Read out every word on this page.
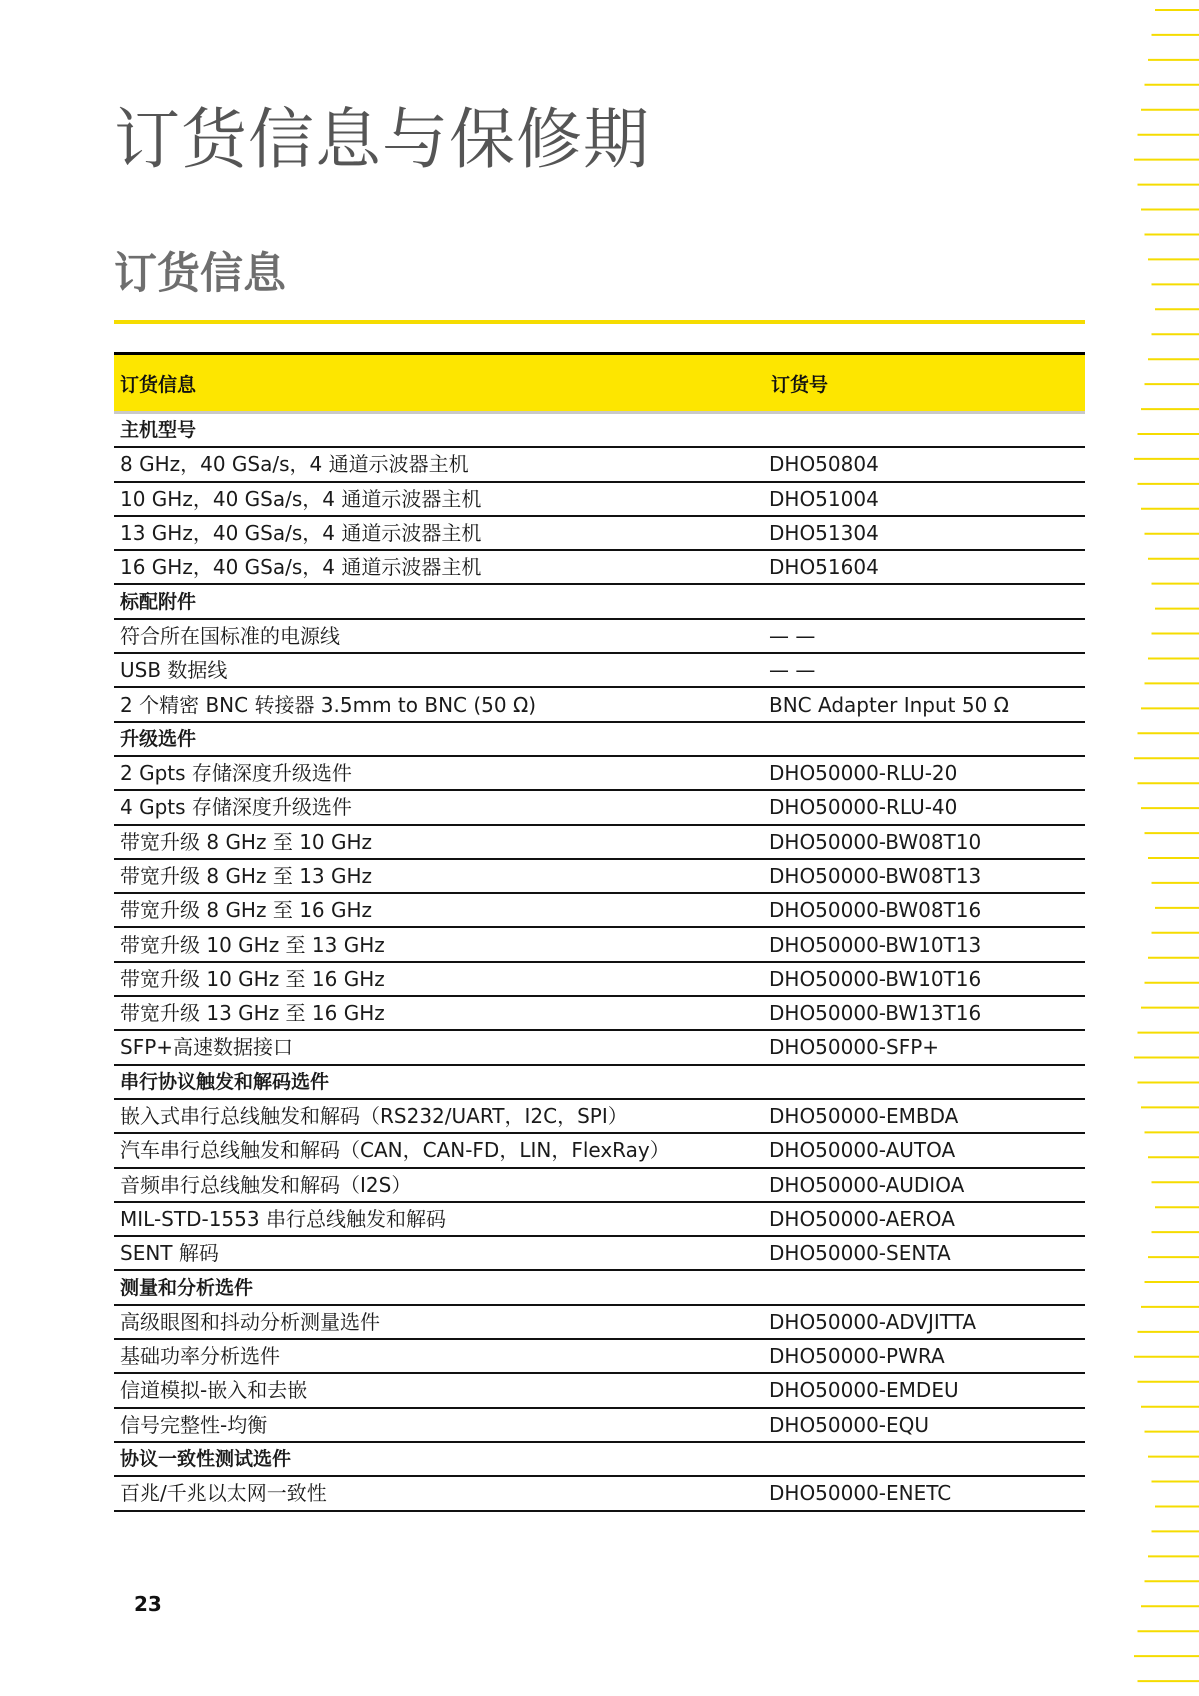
订货信息与保修期
订货信息
订货信息	订货号
主机型号	
8 GHz，40 GSa/s，4 通道示波器主机	DHO50804
10 GHz，40 GSa/s，4 通道示波器主机	DHO51004
13 GHz，40 GSa/s，4 通道示波器主机	DHO51304
16 GHz，40 GSa/s，4 通道示波器主机	DHO51604
标配附件	
符合所在国标准的电源线	— —
USB 数据线	— —
2 个精密 BNC 转接器 3.5mm to BNC (50 Ω)	BNC Adapter Input 50 Ω
升级选件	
2 Gpts 存储深度升级选件	DHO50000-RLU-20
4 Gpts 存储深度升级选件	DHO50000-RLU-40
带宽升级 8 GHz 至 10 GHz	DHO50000-BW08T10
带宽升级 8 GHz 至 13 GHz	DHO50000-BW08T13
带宽升级 8 GHz 至 16 GHz	DHO50000-BW08T16
带宽升级 10 GHz 至 13 GHz	DHO50000-BW10T13
带宽升级 10 GHz 至 16 GHz	DHO50000-BW10T16
带宽升级 13 GHz 至 16 GHz	DHO50000-BW13T16
SFP+高速数据接口	DHO50000-SFP+
串行协议触发和解码选件	
嵌入式串行总线触发和解码（RS232/UART，I2C，SPI）	DHO50000-EMBDA
汽车串行总线触发和解码（CAN，CAN-FD，LIN，FlexRay）	DHO50000-AUTOA
音频串行总线触发和解码（I2S）	DHO50000-AUDIOA
MIL-STD-1553 串行总线触发和解码	DHO50000-AEROA
SENT 解码	DHO50000-SENTA
测量和分析选件	
高级眼图和抖动分析测量选件	DHO50000-ADVJITTA
基础功率分析选件	DHO50000-PWRA
信道模拟-嵌入和去嵌	DHO50000-EMDEU
信号完整性-均衡	DHO50000-EQU
协议一致性测试选件	
百兆/千兆以太网一致性	DHO50000-ENETC
23
